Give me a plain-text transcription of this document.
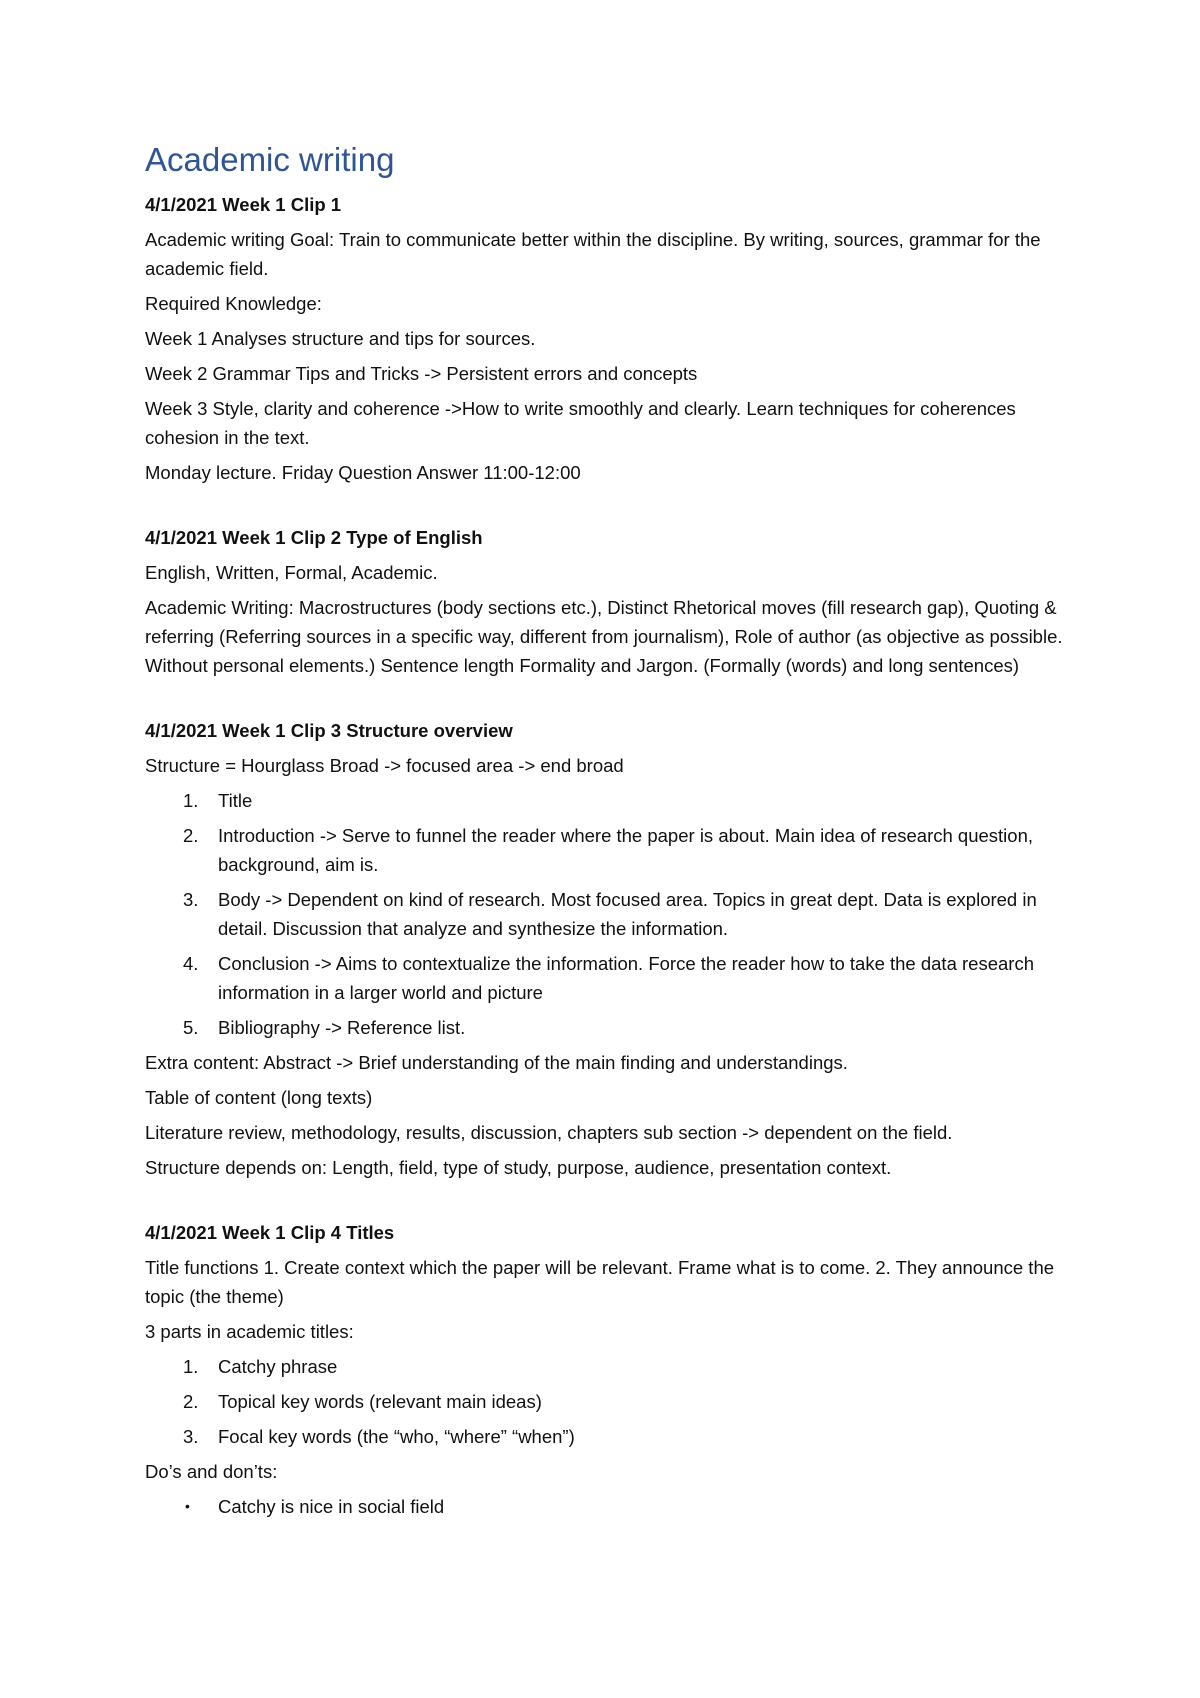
Academic writing
4/1/2021 Week 1 Clip 1
Academic writing Goal: Train to communicate better within the discipline. By writing, sources, grammar for the academic field.
Required Knowledge:
Week 1 Analyses structure and tips for sources.
Week 2 Grammar Tips and Tricks -> Persistent errors and concepts
Week 3 Style, clarity and coherence ->How to write smoothly and clearly. Learn techniques for coherences cohesion in the text.
Monday lecture. Friday Question Answer 11:00-12:00
4/1/2021 Week 1 Clip 2 Type of English
English, Written, Formal, Academic.
Academic Writing: Macrostructures (body sections etc.), Distinct Rhetorical moves (fill research gap), Quoting & referring (Referring sources in a specific way, different from journalism), Role of author (as objective as possible. Without personal elements.) Sentence length Formality and Jargon. (Formally (words) and long sentences)
4/1/2021 Week 1 Clip 3 Structure overview
Structure = Hourglass Broad -> focused area -> end broad
1. Title
2. Introduction -> Serve to funnel the reader where the paper is about. Main idea of research question, background, aim is.
3. Body -> Dependent on kind of research. Most focused area. Topics in great dept. Data is explored in detail. Discussion that analyze and synthesize the information.
4. Conclusion -> Aims to contextualize the information. Force the reader how to take the data research information in a larger world and picture
5. Bibliography -> Reference list.
Extra content: Abstract -> Brief understanding of the main finding and understandings.
Table of content (long texts)
Literature review, methodology, results, discussion, chapters sub section -> dependent on the field.
Structure depends on: Length, field, type of study, purpose, audience, presentation context.
4/1/2021 Week 1 Clip 4 Titles
Title functions 1. Create context which the paper will be relevant. Frame what is to come. 2. They announce the topic (the theme)
3 parts in academic titles:
1. Catchy phrase
2. Topical key words (relevant main ideas)
3. Focal key words (the “who, “where” “when”)
Do’s and don’ts:
• Catchy is nice in social field
